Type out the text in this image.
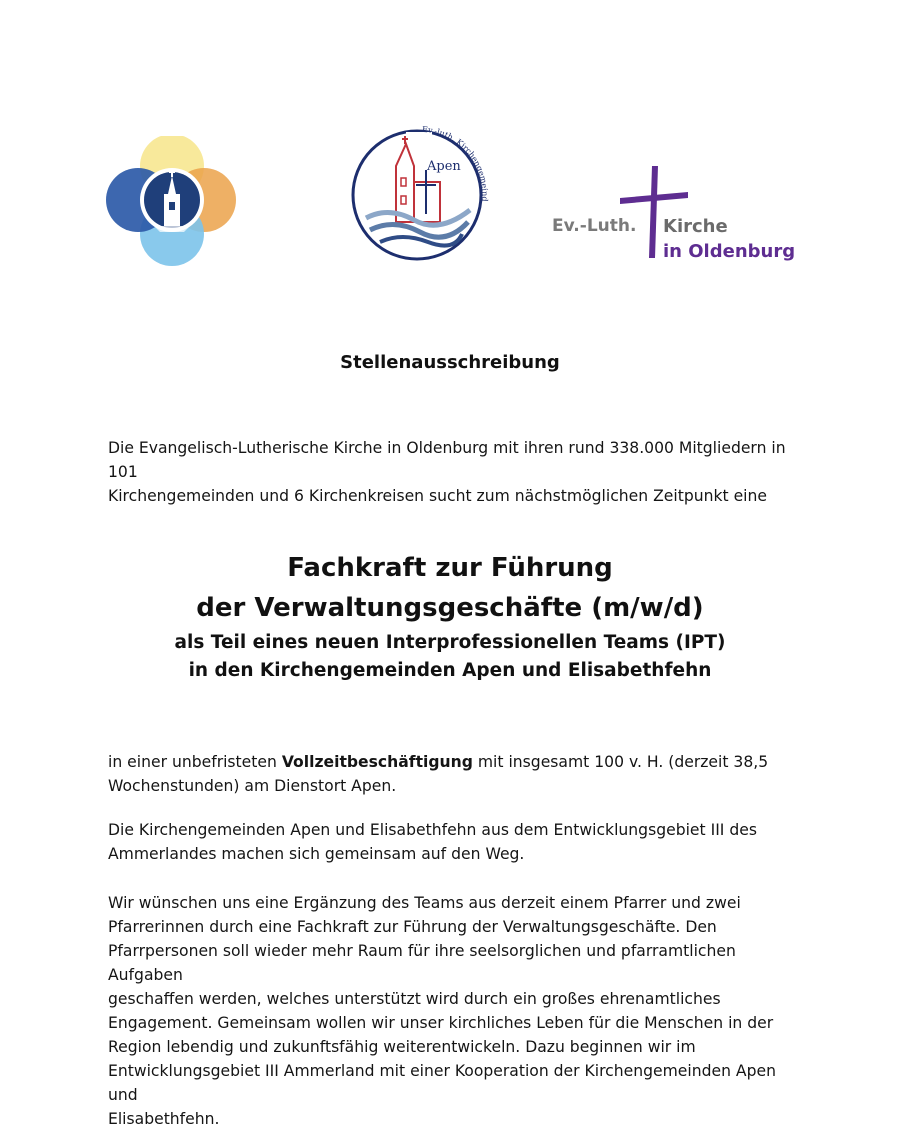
Ev.-luth. Kirchengemeind
Apen
Ev.-Luth. Kirche
in Oldenburg
Stellenausschreibung
Die Evangelisch-Lutherische Kirche in Oldenburg mit ihren rund 338.000 Mitgliedern in 101
Kirchengemeinden und 6 Kirchenkreisen sucht zum nächstmöglichen Zeitpunkt eine
Fachkraft zur Führung
der Verwaltungsgeschäfte (m/w/d)
als Teil eines neuen Interprofessionellen Teams (IPT)
in den Kirchengemeinden Apen und Elisabethfehn
in einer unbefristeten Vollzeitbeschäftigung mit insgesamt 100 v. H. (derzeit 38,5
Wochenstunden) am Dienstort Apen.
Die Kirchengemeinden Apen und Elisabethfehn aus dem Entwicklungsgebiet III des
Ammerlandes machen sich gemeinsam auf den Weg.
Wir wünschen uns eine Ergänzung des Teams aus derzeit einem Pfarrer und zwei
Pfarrerinnen durch eine Fachkraft zur Führung der Verwaltungsgeschäfte. Den
Pfarrpersonen soll wieder mehr Raum für ihre seelsorglichen und pfarramtlichen Aufgaben
geschaffen werden, welches unterstützt wird durch ein großes ehrenamtliches
Engagement. Gemeinsam wollen wir unser kirchliches Leben für die Menschen in der
Region lebendig und zukunftsfähig weiterentwickeln. Dazu beginnen wir im
Entwicklungsgebiet III Ammerland mit einer Kooperation der Kirchengemeinden Apen und
Elisabethfehn.
